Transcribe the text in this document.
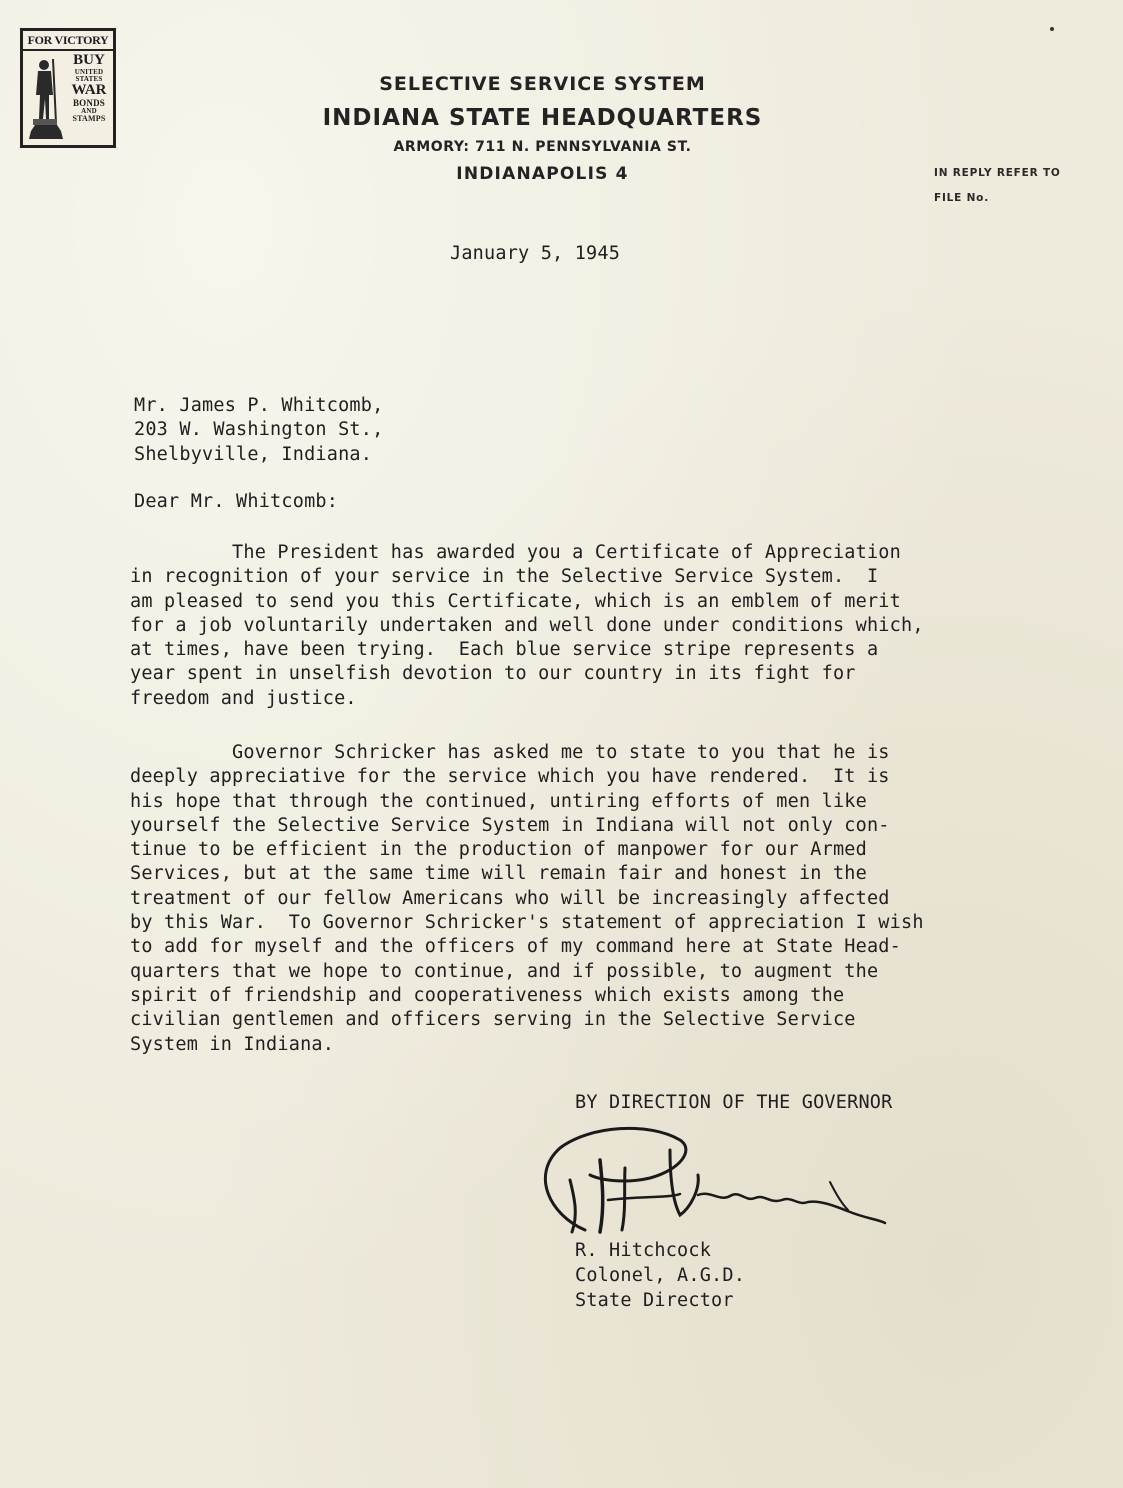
FOR VICTORY
BUY
UNITED STATES
WAR
BONDS
AND
STAMPS
SELECTIVE SERVICE SYSTEM
INDIANA STATE HEADQUARTERS
ARMORY: 711 N. PENNSYLVANIA ST.
INDIANAPOLIS 4	IN REPLY REFER TO
FILE No.
January 5, 1945
Mr. James P. Whitcomb,
203 W. Washington St.,
Shelbyville, Indiana.
Dear Mr. Whitcomb:
The President has awarded you a Certificate of Appreciation
in recognition of your service in the Selective Service System.  I
am pleased to send you this Certificate, which is an emblem of merit
for a job voluntarily undertaken and well done under conditions which,
at times, have been trying.  Each blue service stripe represents a
year spent in unselfish devotion to our country in its fight for
freedom and justice.
Governor Schricker has asked me to state to you that he is
deeply appreciative for the service which you have rendered.  It is
his hope that through the continued, untiring efforts of men like
yourself the Selective Service System in Indiana will not only con-
tinue to be efficient in the production of manpower for our Armed
Services, but at the same time will remain fair and honest in the
treatment of our fellow Americans who will be increasingly affected
by this War.  To Governor Schricker's statement of appreciation I wish
to add for myself and the officers of my command here at State Head-
quarters that we hope to continue, and if possible, to augment the
spirit of friendship and cooperativeness which exists among the
civilian gentlemen and officers serving in the Selective Service
System in Indiana.
BY DIRECTION OF THE GOVERNOR
R. Hitchcock
Colonel, A.G.D.
State Director
